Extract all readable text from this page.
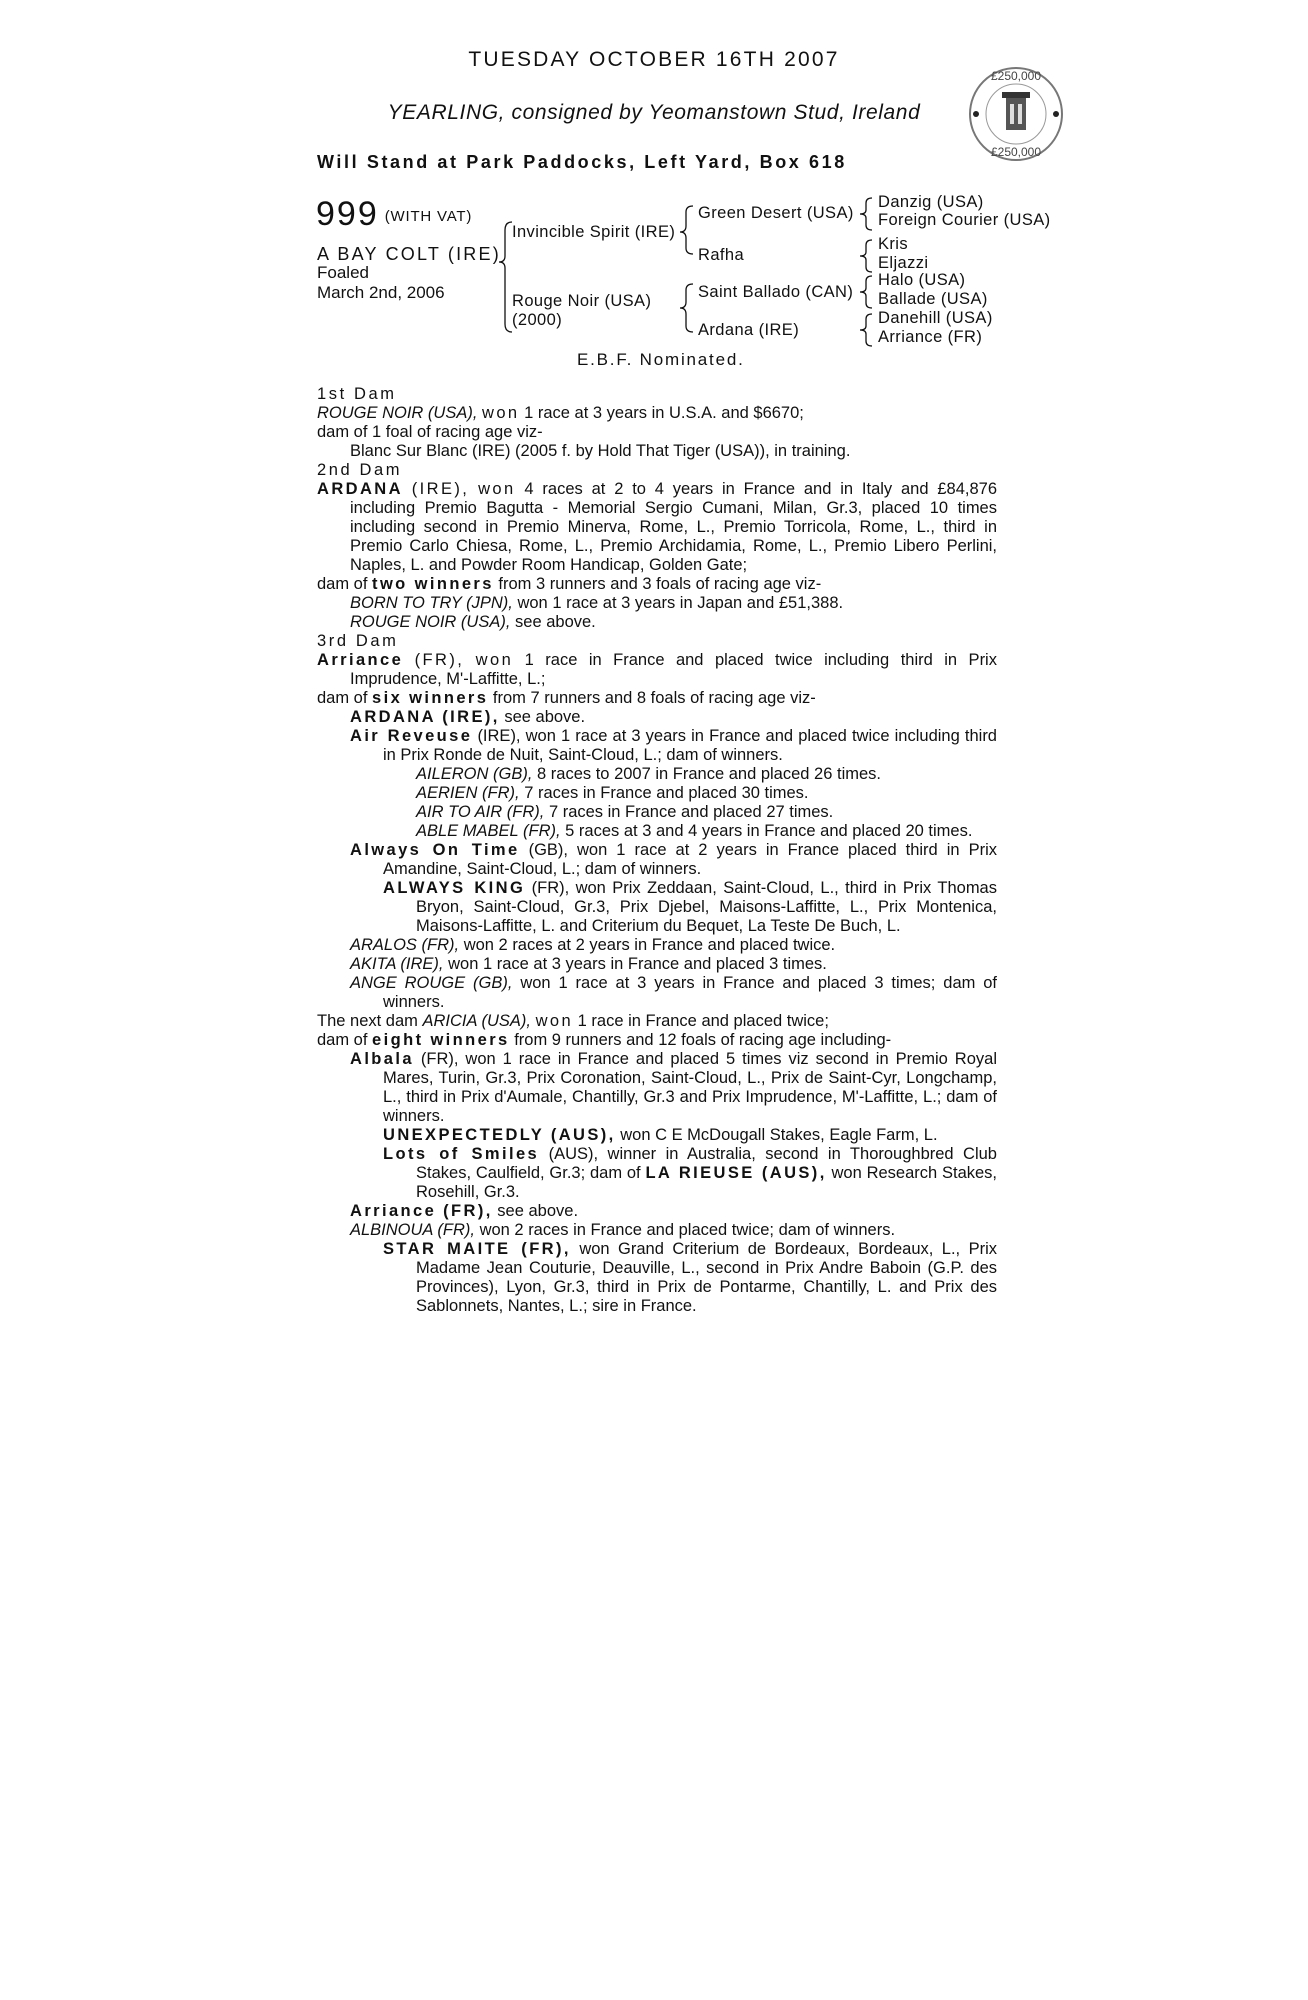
TUESDAY OCTOBER 16TH 2007
YEARLING, consigned by Yeomanstown Stud, Ireland
Will Stand at Park Paddocks, Left Yard, Box 618
£250,000
£250,000
999 (WITH VAT)
A BAY COLT (IRE)
Foaled
March 2nd, 2006
Invincible Spirit (IRE)
Rouge Noir (USA)
(2000)
Green Desert (USA)
Rafha
Saint Ballado (CAN)
Ardana (IRE)
Danzig (USA)
Foreign Courier (USA)
Kris
Eljazzi
Halo (USA)
Ballade (USA)
Danehill (USA)
Arriance (FR)
E.B.F. Nominated.

1st Dam

ROUGE NOIR (USA), won 1 race at 3 years in U.S.A. and $6670;

dam of 1 foal of racing age viz-

Blanc Sur Blanc (IRE) (2005 f. by Hold That Tiger (USA)), in training.

2nd Dam

ARDANA (IRE), won 4 races at 2 to 4 years in France and in Italy and £84,876 including Premio Bagutta - Memorial Sergio Cumani, Milan, Gr.3, placed 10 times including second in Premio Minerva, Rome, L., Premio Torricola, Rome, L., third in Premio Carlo Chiesa, Rome, L., Premio Archidamia, Rome, L., Premio Libero Perlini, Naples, L. and Powder Room Handicap, Golden Gate;

dam of two winners from 3 runners and 3 foals of racing age viz-

BORN TO TRY (JPN), won 1 race at 3 years in Japan and £51,388.

ROUGE NOIR (USA), see above.

3rd Dam

Arriance (FR), won 1 race in France and placed twice including third in Prix Imprudence, M'-Laffitte, L.;

dam of six winners from 7 runners and 8 foals of racing age viz-

ARDANA (IRE), see above.

Air Reveuse (IRE), won 1 race at 3 years in France and placed twice including third in Prix Ronde de Nuit, Saint-Cloud, L.; dam of winners.

AILERON (GB), 8 races to 2007 in France and placed 26 times.

AERIEN (FR), 7 races in France and placed 30 times.

AIR TO AIR (FR), 7 races in France and placed 27 times.

ABLE MABEL (FR), 5 races at 3 and 4 years in France and placed 20 times.

Always On Time (GB), won 1 race at 2 years in France placed third in Prix Amandine, Saint-Cloud, L.; dam of winners.

ALWAYS KING (FR), won Prix Zeddaan, Saint-Cloud, L., third in Prix Thomas Bryon, Saint-Cloud, Gr.3, Prix Djebel, Maisons-Laffitte, L., Prix Montenica, Maisons-Laffitte, L. and Criterium du Bequet, La Teste De Buch, L.

ARALOS (FR), won 2 races at 2 years in France and placed twice.

AKITA (IRE), won 1 race at 3 years in France and placed 3 times.

ANGE ROUGE (GB), won 1 race at 3 years in France and placed 3 times; dam of winners.

The next dam ARICIA (USA), won 1 race in France and placed twice;

dam of eight winners from 9 runners and 12 foals of racing age including-

Albala (FR), won 1 race in France and placed 5 times viz second in Premio Royal Mares, Turin, Gr.3, Prix Coronation, Saint-Cloud, L., Prix de Saint-Cyr, Longchamp, L., third in Prix d'Aumale, Chantilly, Gr.3 and Prix Imprudence, M'-Laffitte, L.; dam of winners.

UNEXPECTEDLY (AUS), won C E McDougall Stakes, Eagle Farm, L.

Lots of Smiles (AUS), winner in Australia, second in Thoroughbred Club Stakes, Caulfield, Gr.3; dam of LA RIEUSE (AUS), won Research Stakes, Rosehill, Gr.3.

Arriance (FR), see above.

ALBINOUA (FR), won 2 races in France and placed twice; dam of winners.

STAR MAITE (FR), won Grand Criterium de Bordeaux, Bordeaux, L., Prix Madame Jean Couturie, Deauville, L., second in Prix Andre Baboin (G.P. des Provinces), Lyon, Gr.3, third in Prix de Pontarme, Chantilly, L. and Prix des Sablonnets, Nantes, L.; sire in France.
